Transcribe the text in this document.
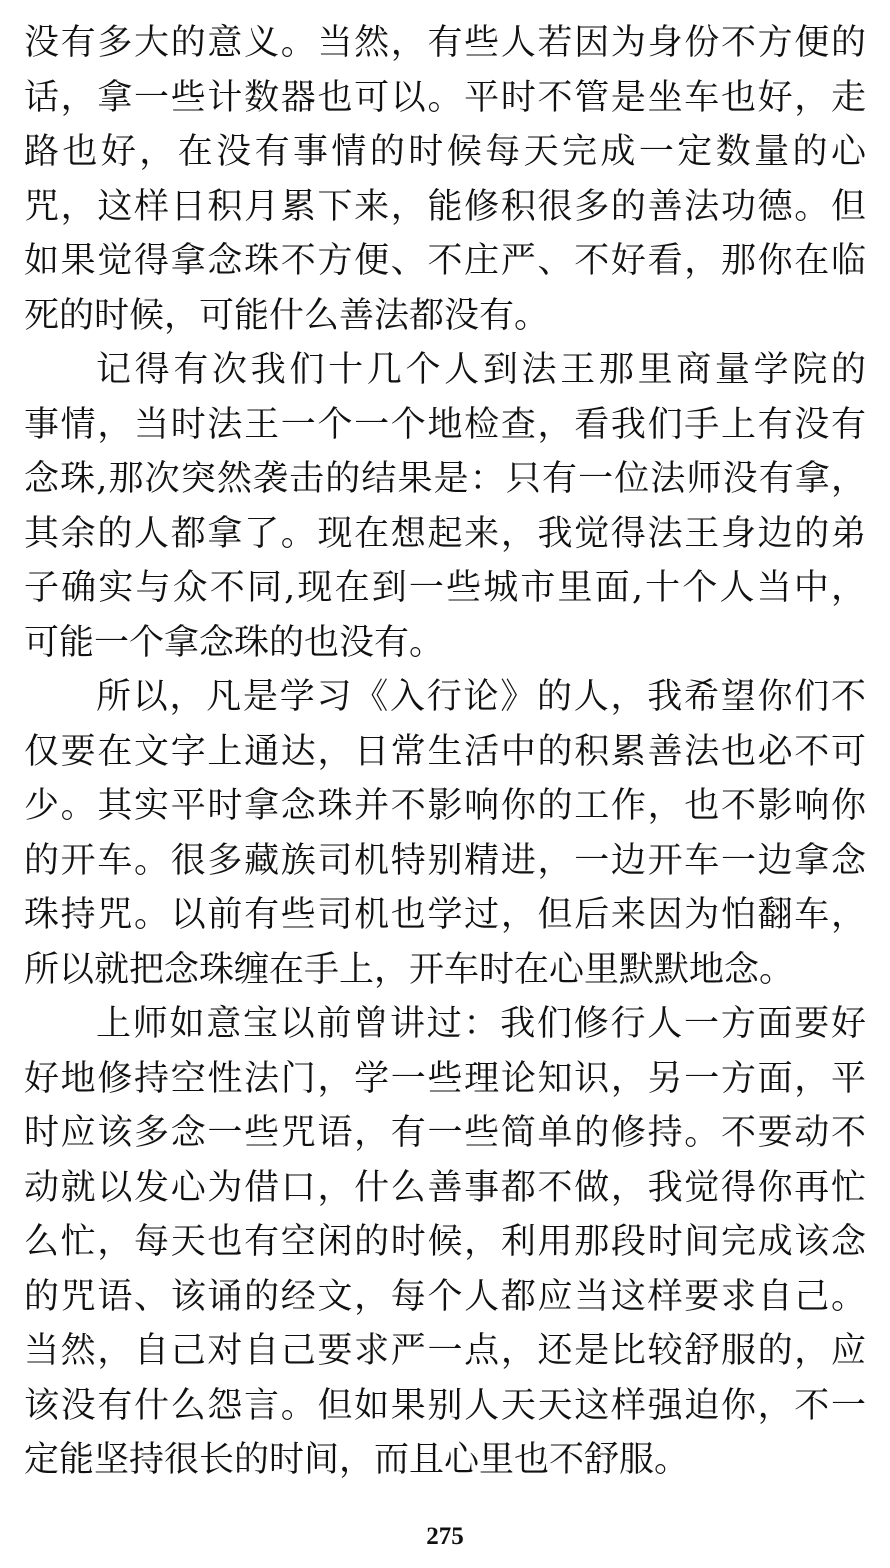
没有多大的意义。当然，有些人若因为身份不方便的
话，拿一些计数器也可以。平时不管是坐车也好，走
路也好，在没有事情的时候每天完成一定数量的心
咒，这样日积月累下来，能修积很多的善法功德。但
如果觉得拿念珠不方便、不庄严、不好看，那你在临
死的时候，可能什么善法都没有。
记得有次我们十几个人到法王那里商量学院的
事情，当时法王一个一个地检查，看我们手上有没有
念珠,那次突然袭击的结果是：只有一位法师没有拿，
其余的人都拿了。现在想起来，我觉得法王身边的弟
子确实与众不同,现在到一些城市里面,十个人当中，
可能一个拿念珠的也没有。
所以，凡是学习《入行论》的人，我希望你们不
仅要在文字上通达，日常生活中的积累善法也必不可
少。其实平时拿念珠并不影响你的工作，也不影响你
的开车。很多藏族司机特别精进，一边开车一边拿念
珠持咒。以前有些司机也学过，但后来因为怕翻车，
所以就把念珠缠在手上，开车时在心里默默地念。
上师如意宝以前曾讲过：我们修行人一方面要好
好地修持空性法门，学一些理论知识，另一方面，平
时应该多念一些咒语，有一些简单的修持。不要动不
动就以发心为借口，什么善事都不做，我觉得你再忙
么忙，每天也有空闲的时候，利用那段时间完成该念
的咒语、该诵的经文，每个人都应当这样要求自己。
当然，自己对自己要求严一点，还是比较舒服的，应
该没有什么怨言。但如果别人天天这样强迫你，不一
定能坚持很长的时间，而且心里也不舒服。
275
